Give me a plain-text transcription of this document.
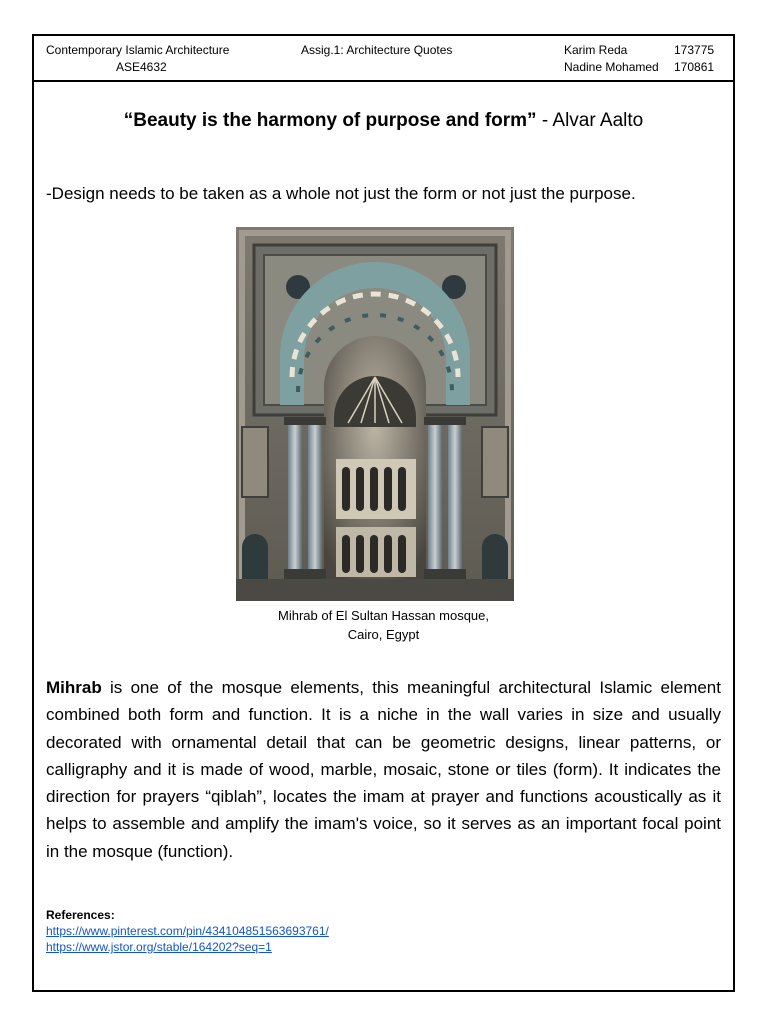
Contemporary Islamic Architecture
ASE4632
Assig.1: Architecture Quotes	Karim Reda	173775
Nadine Mohamed 170861
“Beauty is the harmony of purpose and form” - Alvar Aalto
-Design needs to be taken as a whole not just the form or not just the purpose.
Mihrab of El Sultan Hassan mosque,
Cairo, Egypt
Mihrab is one of the mosque elements, this meaningful architectural Islamic element combined both form and function. It is a niche in the wall varies in size and usually decorated with ornamental detail that can be geometric designs, linear patterns, or calligraphy and it is made of wood, marble, mosaic, stone or tiles (form). It indicates the direction for prayers “qiblah”, locates the imam at prayer and functions acoustically as it helps to assemble and amplify the imam's voice, so it serves as an important focal point in the mosque (function).
References:
https://www.pinterest.com/pin/434104851563693761/
https://www.jstor.org/stable/164202?seq=1
